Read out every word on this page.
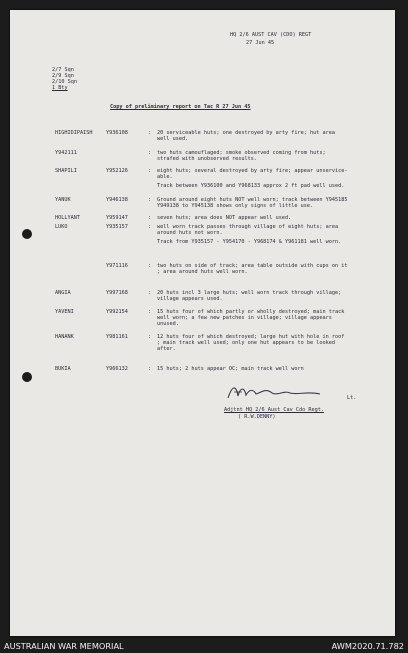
HQ 2/6 AUST CAV (CDO) REGT
27 Jun 45
2/7 Sqn
2/9 Sqn
2/10 Sqn
1 Bty
Copy of preliminary report on Tac R 27 Jun 45
HIGHIDIPAISH	Y936108	20 serviceable huts; one destroyed by arty fire; hut area
well used.
Y942111	two huts camouflaged; smoke observed coming from huts;
strafed with unobserved results.
SHAPILI	Y952126	eight huts; several destroyed by arty fire; appear unservice-
able.
Track between Y936100 and Y968133 approx 2 ft pad well used.
YANUK	Y946138	Ground around eight huts NOT well worn; track between Y945185
Y949138 to Y945138 shows only signs of little use.
HOLLYANT	Y959147	seven huts; area does NOT appear well used.
LUKO	Y935157	well worn track passes through village of eight huts; area
around huts not worn.
Track from Y935157 - Y954170 - Y968174 & Y961181 well worn.
Y971116	two huts on side of track; area table outside with cups on it
; area around huts well worn.
ANGIA	Y997168	20 huts incl 3 large huts; well worn track through village;
village appears used.
YAVENI	Y992154	15 huts four of which partly or wholly destroyed; main track
well worn; a few new patches in village; village appears
unused.
HANANK	Y981161	12 huts four of which destroyed; large hut with hole in roof
; main track well used; only one hut appears to be looked
after.
BUKIA	Y966132	15 huts; 2 huts appear OC; main track well worn
:
:
:
:
:
:
:
:
:
:
:
Lt.
Adjtnt HQ 2/6 Aust Cav Cdo Regt.
( R.W.DENNY)
AUSTRALIAN WAR MEMORIAL	AWM2020.71.782
